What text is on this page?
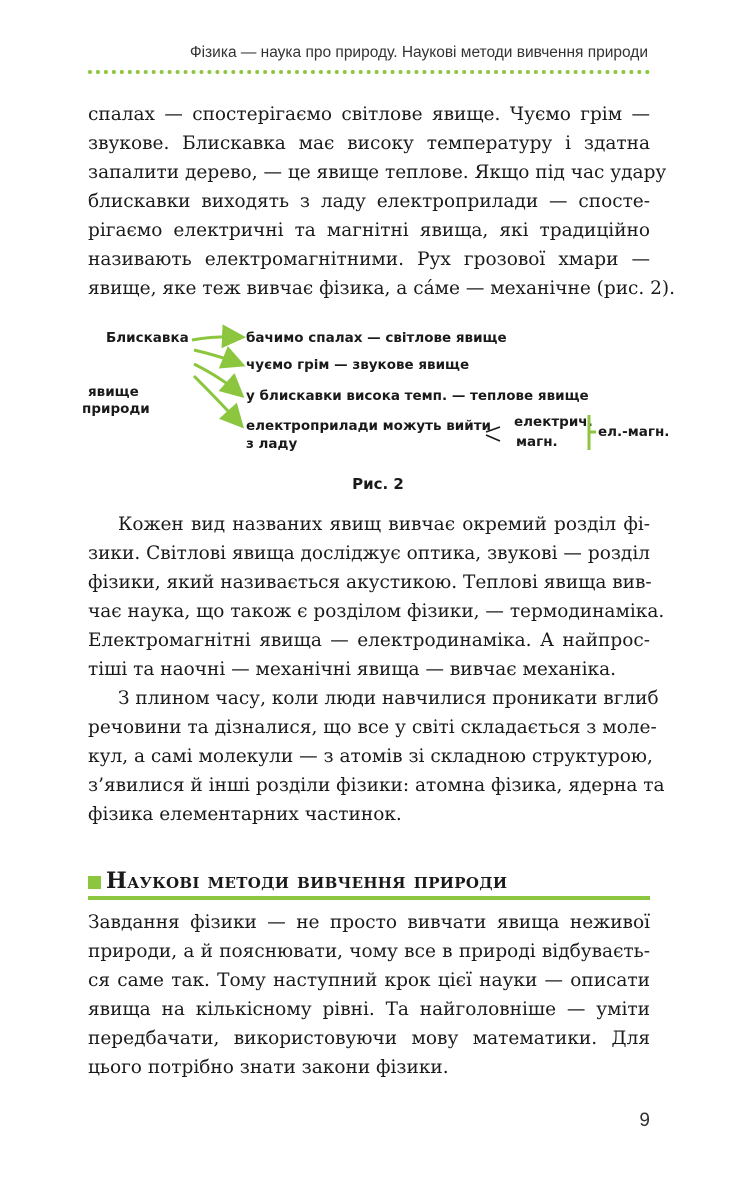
Фізика — наука про природу. Наукові методи вивчення природи
спалах — спостерігаємо світлове явище. Чуємо грім —
звукове. Блискавка має високу температуру і здатна
запалити дерево, — це явище теплове. Якщо під час удару
блискавки виходять з ладу електроприлади — спосте-
рігаємо електричні та магнітні явища, які традиційно
називають електромагнітними. Рух грозової хмари —
явище, яке теж вивчає фізика, а са́ме — механічне (рис. 2).
Блискавка
явище
природи
бачимо спалах — світлове явище
чуємо грім — звукове явище
у блискавки висока темп. — теплове явище
електроприлади можуть вийти
з ладу
електрич.
магн.
ел.-магн.
Рис. 2
Кожен вид названих явищ вивчає окремий розділ фі-
зики. Світлові явища досліджує оптика, звукові — розділ
фізики, який називається акустикою. Теплові явища вив-
чає наука, що також є розділом фізики, — термодинаміка.
Електромагнітні явища — електродинаміка. А найпрос-
тіші та наочні — механічні явища — вивчає механіка.
З плином часу, коли люди навчилися проникати вглиб
речовини та дізналися, що все у світі складається з моле-
кул, а самі молекули — з атомів зі складною структурою,
з’явилися й інші розділи фізики: атомна фізика, ядерна та
фізика елементарних частинок.
Наукові методи вивчення природи
Завдання фізики — не просто вивчати явища неживої
природи, а й пояснювати, чому все в природі відбуваєть-
ся саме так. Тому наступний крок цієї науки — описати
явища на кількісному рівні. Та найголовніше — уміти
передбачати, використовуючи мову математики. Для
цього потрібно знати закони фізики.
9
